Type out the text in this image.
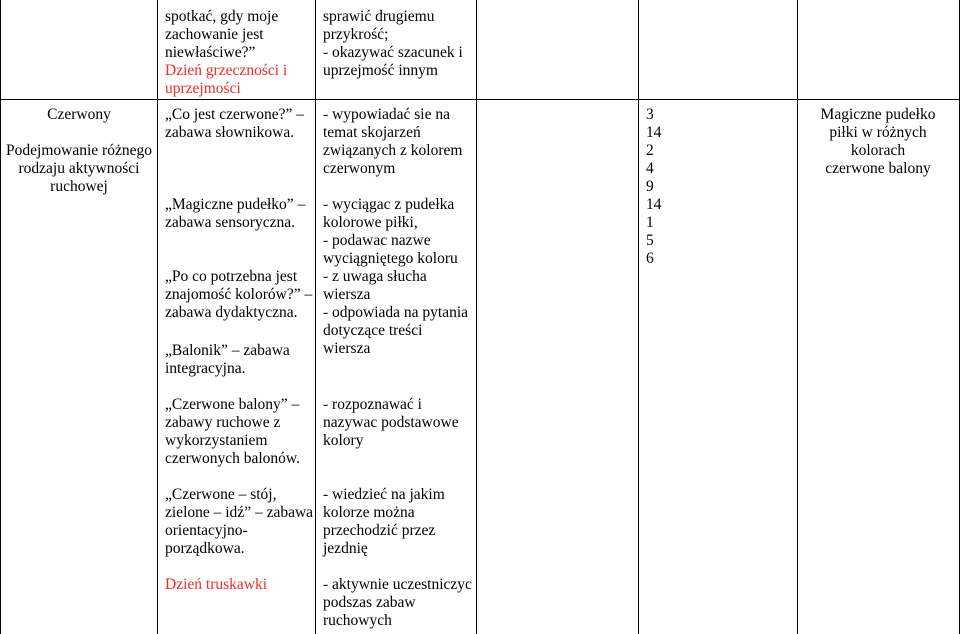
spotkać, gdy moje
zachowanie jest
niewłaściwe?”
Dzień grzeczności i
uprzejmości
sprawić drugiemu
przykrość;
- okazywać szacunek i
uprzejmość innym
Czerwony
Podejmowanie różnego
rodzaju aktywności
ruchowej
„Co jest czerwone?” –
zabawa słownikowa.
„Magiczne pudełko” –
zabawa sensoryczna.
„Po co potrzebna jest
znajomość kolorów?” –
zabawa dydaktyczna.
„Balonik” – zabawa
integracyjna.
„Czerwone balony” –
zabawy ruchowe z
wykorzystaniem
czerwonych balonów.
„Czerwone – stój,
zielone – idź” – zabawa
orientacyjno-
porządkowa.
Dzień truskawki
- wypowiadać sie na
temat skojarzeń
związanych z kolorem
czerwonym
- wyciągac z pudełka
kolorowe piłki,
- podawac nazwe
wyciągniętego koloru
- z uwaga słucha
wiersza
- odpowiada na pytania
dotyczące treści
wiersza
- rozpoznawać i
nazywac podstawowe
kolory
- wiedzieć na jakim
kolorze można
przechodzić przez
jezdnię
- aktywnie uczestniczyc
podszas zabaw
ruchowych
3
14
2
4
9
14
1
5
6
Magiczne pudełko
piłki w różnych
kolorach
czerwone balony
